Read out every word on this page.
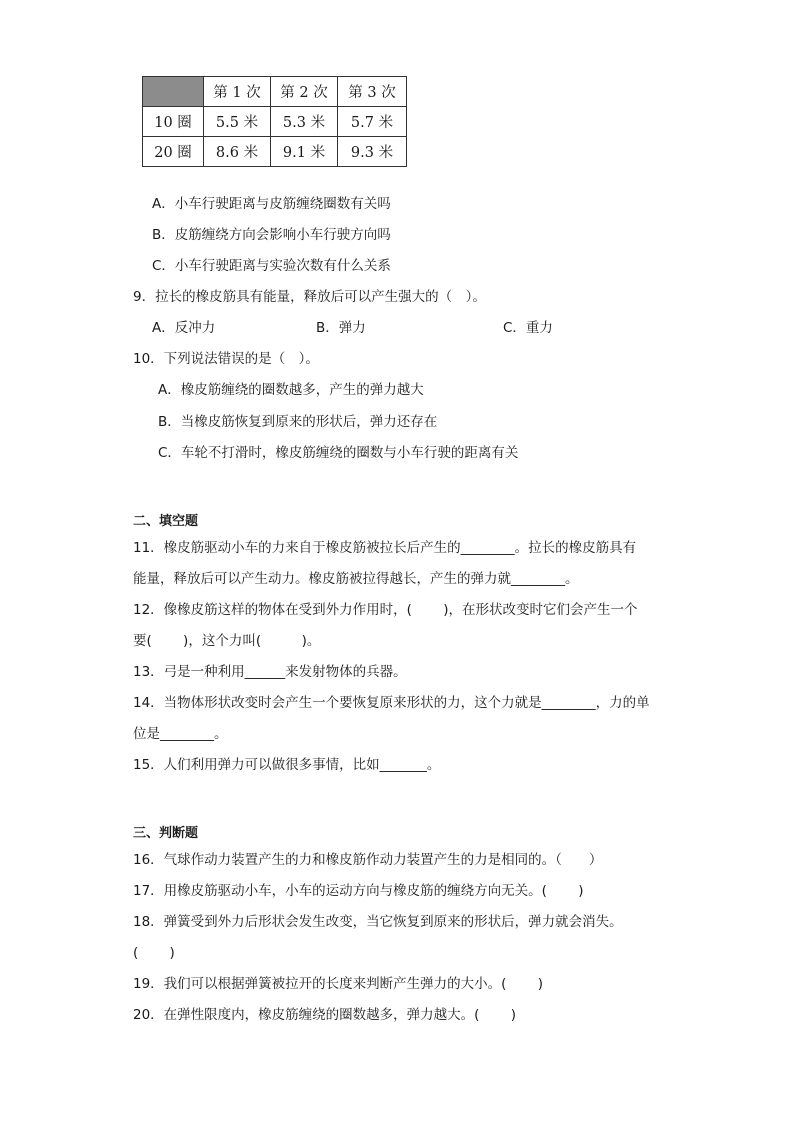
	第 1 次	第 2 次	第 3 次
10 圈	5.5 米	5.3 米	5.7 米
20 圈	8.6 米	9.1 米	9.3 米
A．小车行驶距离与皮筋缠绕圈数有关吗
B．皮筋缠绕方向会影响小车行驶方向吗
C．小车行驶距离与实验次数有什么关系
9．拉长的橡皮筋具有能量，释放后可以产生强大的（　）。
A．反冲力	B．弹力	C．重力
10．下列说法错误的是（　）。
A．橡皮筋缠绕的圈数越多，产生的弹力越大
B．当橡皮筋恢复到原来的形状后，弹力还存在
C．车轮不打滑时，橡皮筋缠绕的圈数与小车行驶的距离有关
二、填空题
11．橡皮筋驱动小车的力来自于橡皮筋被拉长后产生的________。拉长的橡皮筋具有
能量，释放后可以产生动力。橡皮筋被拉得越长，产生的弹力就________。
12．像橡皮筋这样的物体在受到外力作用时，(　　 )，在形状改变时它们会产生一个
要(　　 )，这个力叫(　　　)。
13．弓是一种利用______来发射物体的兵器。
14．当物体形状改变时会产生一个要恢复原来形状的力，这个力就是________，力的单
位是________。
15．人们利用弹力可以做很多事情，比如_______。
三、判断题
16．气球作动力装置产生的力和橡皮筋作动力装置产生的力是相同的。（　　）
17．用橡皮筋驱动小车，小车的运动方向与橡皮筋的缠绕方向无关。(　　 )
18．弹簧受到外力后形状会发生改变，当它恢复到原来的形状后，弹力就会消失。
(　　 )
19．我们可以根据弹簧被拉开的长度来判断产生弹力的大小。(　　 )
20．在弹性限度内，橡皮筋缠绕的圈数越多，弹力越大。(　　 )
